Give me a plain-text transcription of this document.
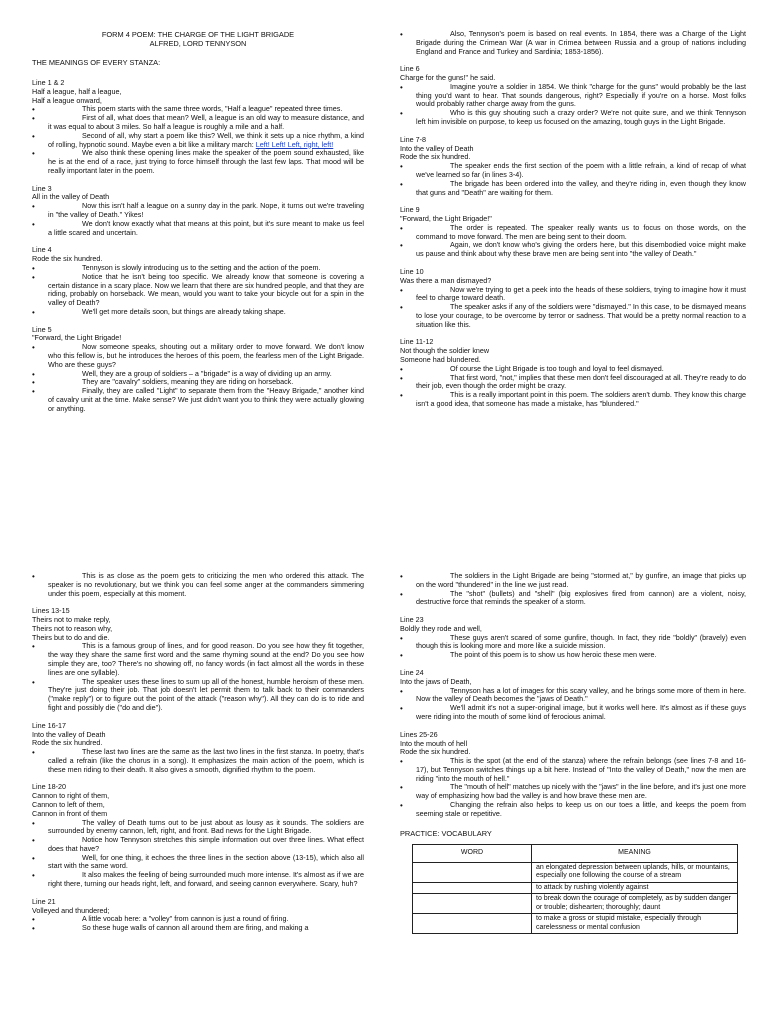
FORM 4 POEM: THE CHARGE OF THE LIGHT BRIGADE

ALFRED, LORD TENNYSON

THE MEANINGS OF EVERY STANZA:

Line 1 & 2

Half a league, half a league,

Half a league onward,

• This poem starts with the same three words, "Half a league" repeated three times.
• First of all, what does that mean? Well, a league is an old way to measure distance, and it was equal to about 3 miles. So half a league is roughly a mile and a half.
• Second of all, why start a poem like this? Well, we think it sets up a nice rhythm, a kind of rolling, hypnotic sound. Maybe even a bit like a military march: Left! Left! Left, right, left!
• We also think these opening lines make the speaker of the poem sound exhausted, like he is at the end of a race, just trying to force himself through the last few laps. That mood will be really important later in the poem.

Line 3

All in the valley of Death

• Now this isn't half a league on a sunny day in the park. Nope, it turns out we're traveling in "the valley of Death." Yikes!
• We don't know exactly what that means at this point, but it's sure meant to make us feel a little scared and uncertain.

Line 4

Rode the six hundred.

• Tennyson is slowly introducing us to the setting and the action of the poem.
• Notice that he isn't being too specific. We already know that someone is covering a certain distance in a scary place. Now we learn that there are six hundred people, and that they are riding, probably on horseback. We mean, would you want to take your bicycle out for a spin in the valley of Death?
• We'll get more details soon, but things are already taking shape.

Line 5

"Forward, the Light Brigade!

• Now someone speaks, shouting out a military order to move forward. We don't know who this fellow is, but he introduces the heroes of this poem, the fearless men of the Light Brigade. Who are these guys?
• Well, they are a group of soldiers – a "brigade" is a way of dividing up an army.
• They are "cavalry" soldiers, meaning they are riding on horseback.
• Finally, they are called "Light" to separate them from the "Heavy Brigade," another kind of cavalry unit at the time. Make sense? We just didn't want you to think they were actually glowing or anything.
• Also, Tennyson's poem is based on real events. In 1854, there was a Charge of the Light Brigade during the Crimean War (A war in Crimea between Russia and a group of nations including England and France and Turkey and Sardinia; 1853-1856).

Line 6

Charge for the guns!" he said.

• Imagine you're a soldier in 1854. We think "charge for the guns" would probably be the last thing you'd want to hear. That sounds dangerous, right? Especially if you're on a horse. Most folks would probably rather charge away from the guns.
• Who is this guy shouting such a crazy order? We're not quite sure, and we think Tennyson left him invisible on purpose, to keep us focused on the amazing, tough guys in the Light Brigade.

Line 7-8

Into the valley of Death

Rode the six hundred.

• The speaker ends the first section of the poem with a little refrain, a kind of recap of what we've learned so far (in lines 3-4).
• The brigade has been ordered into the valley, and they're riding in, even though they know that guns and "Death" are waiting for them.

Line 9

"Forward, the Light Brigade!"

• The order is repeated. The speaker really wants us to focus on those words, on the command to move forward. The men are being sent to their doom.
• Again, we don't know who's giving the orders here, but this disembodied voice might make us pause and think about why these brave men are being sent into "the valley of Death."

Line 10

Was there a man dismayed?

• Now we're trying to get a peek into the heads of these soldiers, trying to imagine how it must feel to charge toward death.
• The speaker asks if any of the soldiers were "dismayed." In this case, to be dismayed means to lose your courage, to be overcome by terror or sadness. That would be a pretty normal reaction to a situation like this.

Line 11-12

Not though the soldier knew

Someone had blundered.

• Of course the Light Brigade is too tough and loyal to feel dismayed.
• That first word, "not," implies that these men don't feel discouraged at all. They're ready to do their job, even though the order might be crazy.
• This is a really important point in this poem. The soldiers aren't dumb. They know this charge isn't a good idea, that someone has made a mistake, has "blundered."
• This is as close as the poem gets to criticizing the men who ordered this attack. The speaker is no revolutionary, but we think you can feel some anger at the commanders simmering under this poem, especially at this moment.

Lines 13-15

Theirs not to make reply,

Theirs not to reason why,

Theirs but to do and die.

• This is a famous group of lines, and for good reason. Do you see how they fit together, the way they share the same first word and the same rhyming sound at the end? Do you see how simple they are, too? There's no showing off, no fancy words (in fact almost all the words in these lines are one syllable).
• The speaker uses these lines to sum up all of the honest, humble heroism of these men. They're just doing their job. That job doesn't let permit them to talk back to their commanders ("make reply") or to figure out the point of the attack ("reason why"). All they can do is to ride and fight and possibly die ("do and die").

Line 16-17

Into the valley of Death

Rode the six hundred.

• These last two lines are the same as the last two lines in the first stanza. In poetry, that's called a refrain (like the chorus in a song). It emphasizes the main action of the poem, which is these men riding to their death. It also gives a smooth, dignified rhythm to the poem.

Line 18-20

Cannon to right of them,

Cannon to left of them,

Cannon in front of them

• The valley of Death turns out to be just about as lousy as it sounds. The soldiers are surrounded by enemy cannon, left, right, and front. Bad news for the Light Brigade.
• Notice how Tennyson stretches this simple information out over three lines. What effect does that have?
• Well, for one thing, it echoes the three lines in the section above (13-15), which also all start with the same word.
• It also makes the feeling of being surrounded much more intense. It's almost as if we are right there, turning our heads right, left, and forward, and seeing cannon everywhere. Scary, huh?

Line 21

Volleyed and thundered;

• A little vocab here: a "volley" from cannon is just a round of firing.
• So these huge walls of cannon all around them are firing, and making a
• The soldiers in the Light Brigade are being "stormed at," by gunfire, an image that picks up on the word "thundered" in the line we just read.
• The "shot" (bullets) and "shell" (big explosives fired from cannon) are a violent, noisy, destructive force that reminds the speaker of a storm.

Line 23

Boldly they rode and well,

• These guys aren't scared of some gunfire, though. In fact, they ride "boldly" (bravely) even though this is looking more and more like a suicide mission.
• The point of this poem is to show us how heroic these men were.

Line 24

Into the jaws of Death,

• Tennyson has a lot of images for this scary valley, and he brings some more of them in here. Now the valley of Death becomes the "jaws of Death."
• We'll admit it's not a super-original image, but it works well here. It's almost as if these guys were riding into the mouth of some kind of ferocious animal.

Lines 25-26

Into the mouth of hell

Rode the six hundred.

• This is the spot (at the end of the stanza) where the refrain belongs (see lines 7-8 and 16-17), but Tennyson switches things up a bit here. Instead of "Into the valley of Death," now the men are riding "into the mouth of hell."
• The "mouth of hell" matches up nicely with the "jaws" in the line before, and it's just one more way of emphasizing how bad the valley is and how brave these men are.
• Changing the refrain also helps to keep us on our toes a little, and keeps the poem from seeming stale or repetitive.

PRACTICE: VOCABULARY

WORD	MEANING
	an elongated depression between uplands, hills, or mountains, especially one following the course of a stream
	to attack by rushing violently against
	to break down the courage of completely, as by sudden danger or trouble; dishearten; thoroughly; daunt
	to make a gross or stupid mistake, especially through carelessness or mental confusion
